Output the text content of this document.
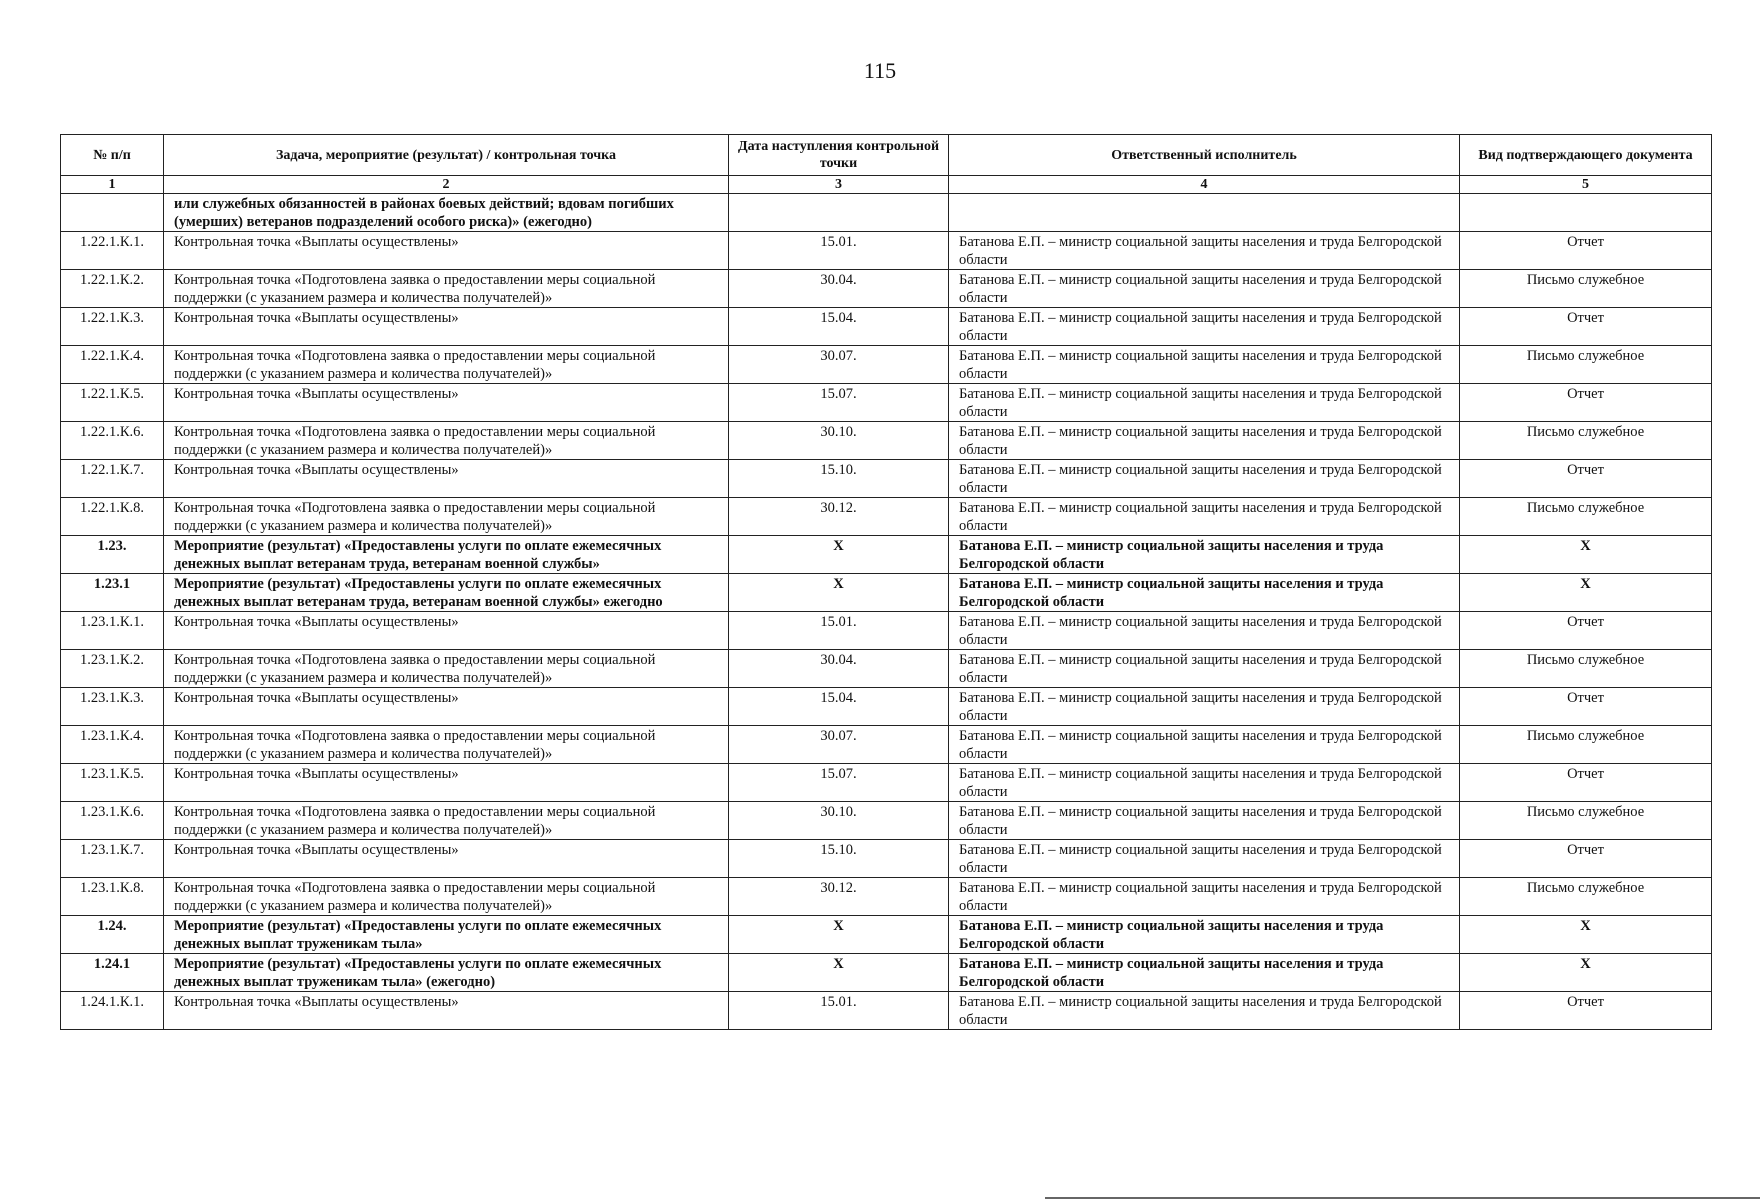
115
№ п/п	Задача, мероприятие (результат) / контрольная точка	Дата наступления контрольной точки	Ответственный исполнитель	Вид подтверждающего документа
1	2	3	4	5
	или служебных обязанностей в районах боевых действий; вдовам погибших (умерших) ветеранов подразделений особого риска)» (ежегодно)			
1.22.1.К.1.	Контрольная точка «Выплаты осуществлены»	15.01.	Батанова Е.П. – министр социальной защиты населения и труда Белгородской области	Отчет
1.22.1.К.2.	Контрольная точка «Подготовлена заявка о предоставлении меры социальной поддержки (с указанием размера и количества получателей)»	30.04.	Батанова Е.П. – министр социальной защиты населения и труда Белгородской области	Письмо служебное
1.22.1.К.3.	Контрольная точка «Выплаты осуществлены»	15.04.	Батанова Е.П. – министр социальной защиты населения и труда Белгородской области	Отчет
1.22.1.К.4.	Контрольная точка «Подготовлена заявка о предоставлении меры социальной поддержки (с указанием размера и количества получателей)»	30.07.	Батанова Е.П. – министр социальной защиты населения и труда Белгородской области	Письмо служебное
1.22.1.К.5.	Контрольная точка «Выплаты осуществлены»	15.07.	Батанова Е.П. – министр социальной защиты населения и труда Белгородской области	Отчет
1.22.1.К.6.	Контрольная точка «Подготовлена заявка о предоставлении меры социальной поддержки (с указанием размера и количества получателей)»	30.10.	Батанова Е.П. – министр социальной защиты населения и труда Белгородской области	Письмо служебное
1.22.1.К.7.	Контрольная точка «Выплаты осуществлены»	15.10.	Батанова Е.П. – министр социальной защиты населения и труда Белгородской области	Отчет
1.22.1.К.8.	Контрольная точка «Подготовлена заявка о предоставлении меры социальной поддержки (с указанием размера и количества получателей)»	30.12.	Батанова Е.П. – министр социальной защиты населения и труда Белгородской области	Письмо служебное
1.23.	Мероприятие (результат) «Предоставлены услуги по оплате ежемесячных денежных выплат ветеранам труда, ветеранам военной службы»	Х	Батанова Е.П. – министр социальной защиты населения и труда Белгородской области	Х
1.23.1	Мероприятие (результат) «Предоставлены услуги по оплате ежемесячных денежных выплат ветеранам труда, ветеранам военной службы» ежегодно	Х	Батанова Е.П. – министр социальной защиты населения и труда Белгородской области	Х
1.23.1.К.1.	Контрольная точка «Выплаты осуществлены»	15.01.	Батанова Е.П. – министр социальной защиты населения и труда Белгородской области	Отчет
1.23.1.К.2.	Контрольная точка «Подготовлена заявка о предоставлении меры социальной поддержки (с указанием размера и количества получателей)»	30.04.	Батанова Е.П. – министр социальной защиты населения и труда Белгородской области	Письмо служебное
1.23.1.К.3.	Контрольная точка «Выплаты осуществлены»	15.04.	Батанова Е.П. – министр социальной защиты населения и труда Белгородской области	Отчет
1.23.1.К.4.	Контрольная точка «Подготовлена заявка о предоставлении меры социальной поддержки (с указанием размера и количества получателей)»	30.07.	Батанова Е.П. – министр социальной защиты населения и труда Белгородской области	Письмо служебное
1.23.1.К.5.	Контрольная точка «Выплаты осуществлены»	15.07.	Батанова Е.П. – министр социальной защиты населения и труда Белгородской области	Отчет
1.23.1.К.6.	Контрольная точка «Подготовлена заявка о предоставлении меры социальной поддержки (с указанием размера и количества получателей)»	30.10.	Батанова Е.П. – министр социальной защиты населения и труда Белгородской области	Письмо служебное
1.23.1.К.7.	Контрольная точка «Выплаты осуществлены»	15.10.	Батанова Е.П. – министр социальной защиты населения и труда Белгородской области	Отчет
1.23.1.К.8.	Контрольная точка «Подготовлена заявка о предоставлении меры социальной поддержки (с указанием размера и количества получателей)»	30.12.	Батанова Е.П. – министр социальной защиты населения и труда Белгородской области	Письмо служебное
1.24.	Мероприятие (результат) «Предоставлены услуги по оплате ежемесячных денежных выплат труженикам тыла»	Х	Батанова Е.П. – министр социальной защиты населения и труда Белгородской области	Х
1.24.1	Мероприятие (результат) «Предоставлены услуги по оплате ежемесячных денежных выплат труженикам тыла» (ежегодно)	Х	Батанова Е.П. – министр социальной защиты населения и труда Белгородской области	Х
1.24.1.К.1.	Контрольная точка «Выплаты осуществлены»	15.01.	Батанова Е.П. – министр социальной защиты населения и труда Белгородской области	Отчет
